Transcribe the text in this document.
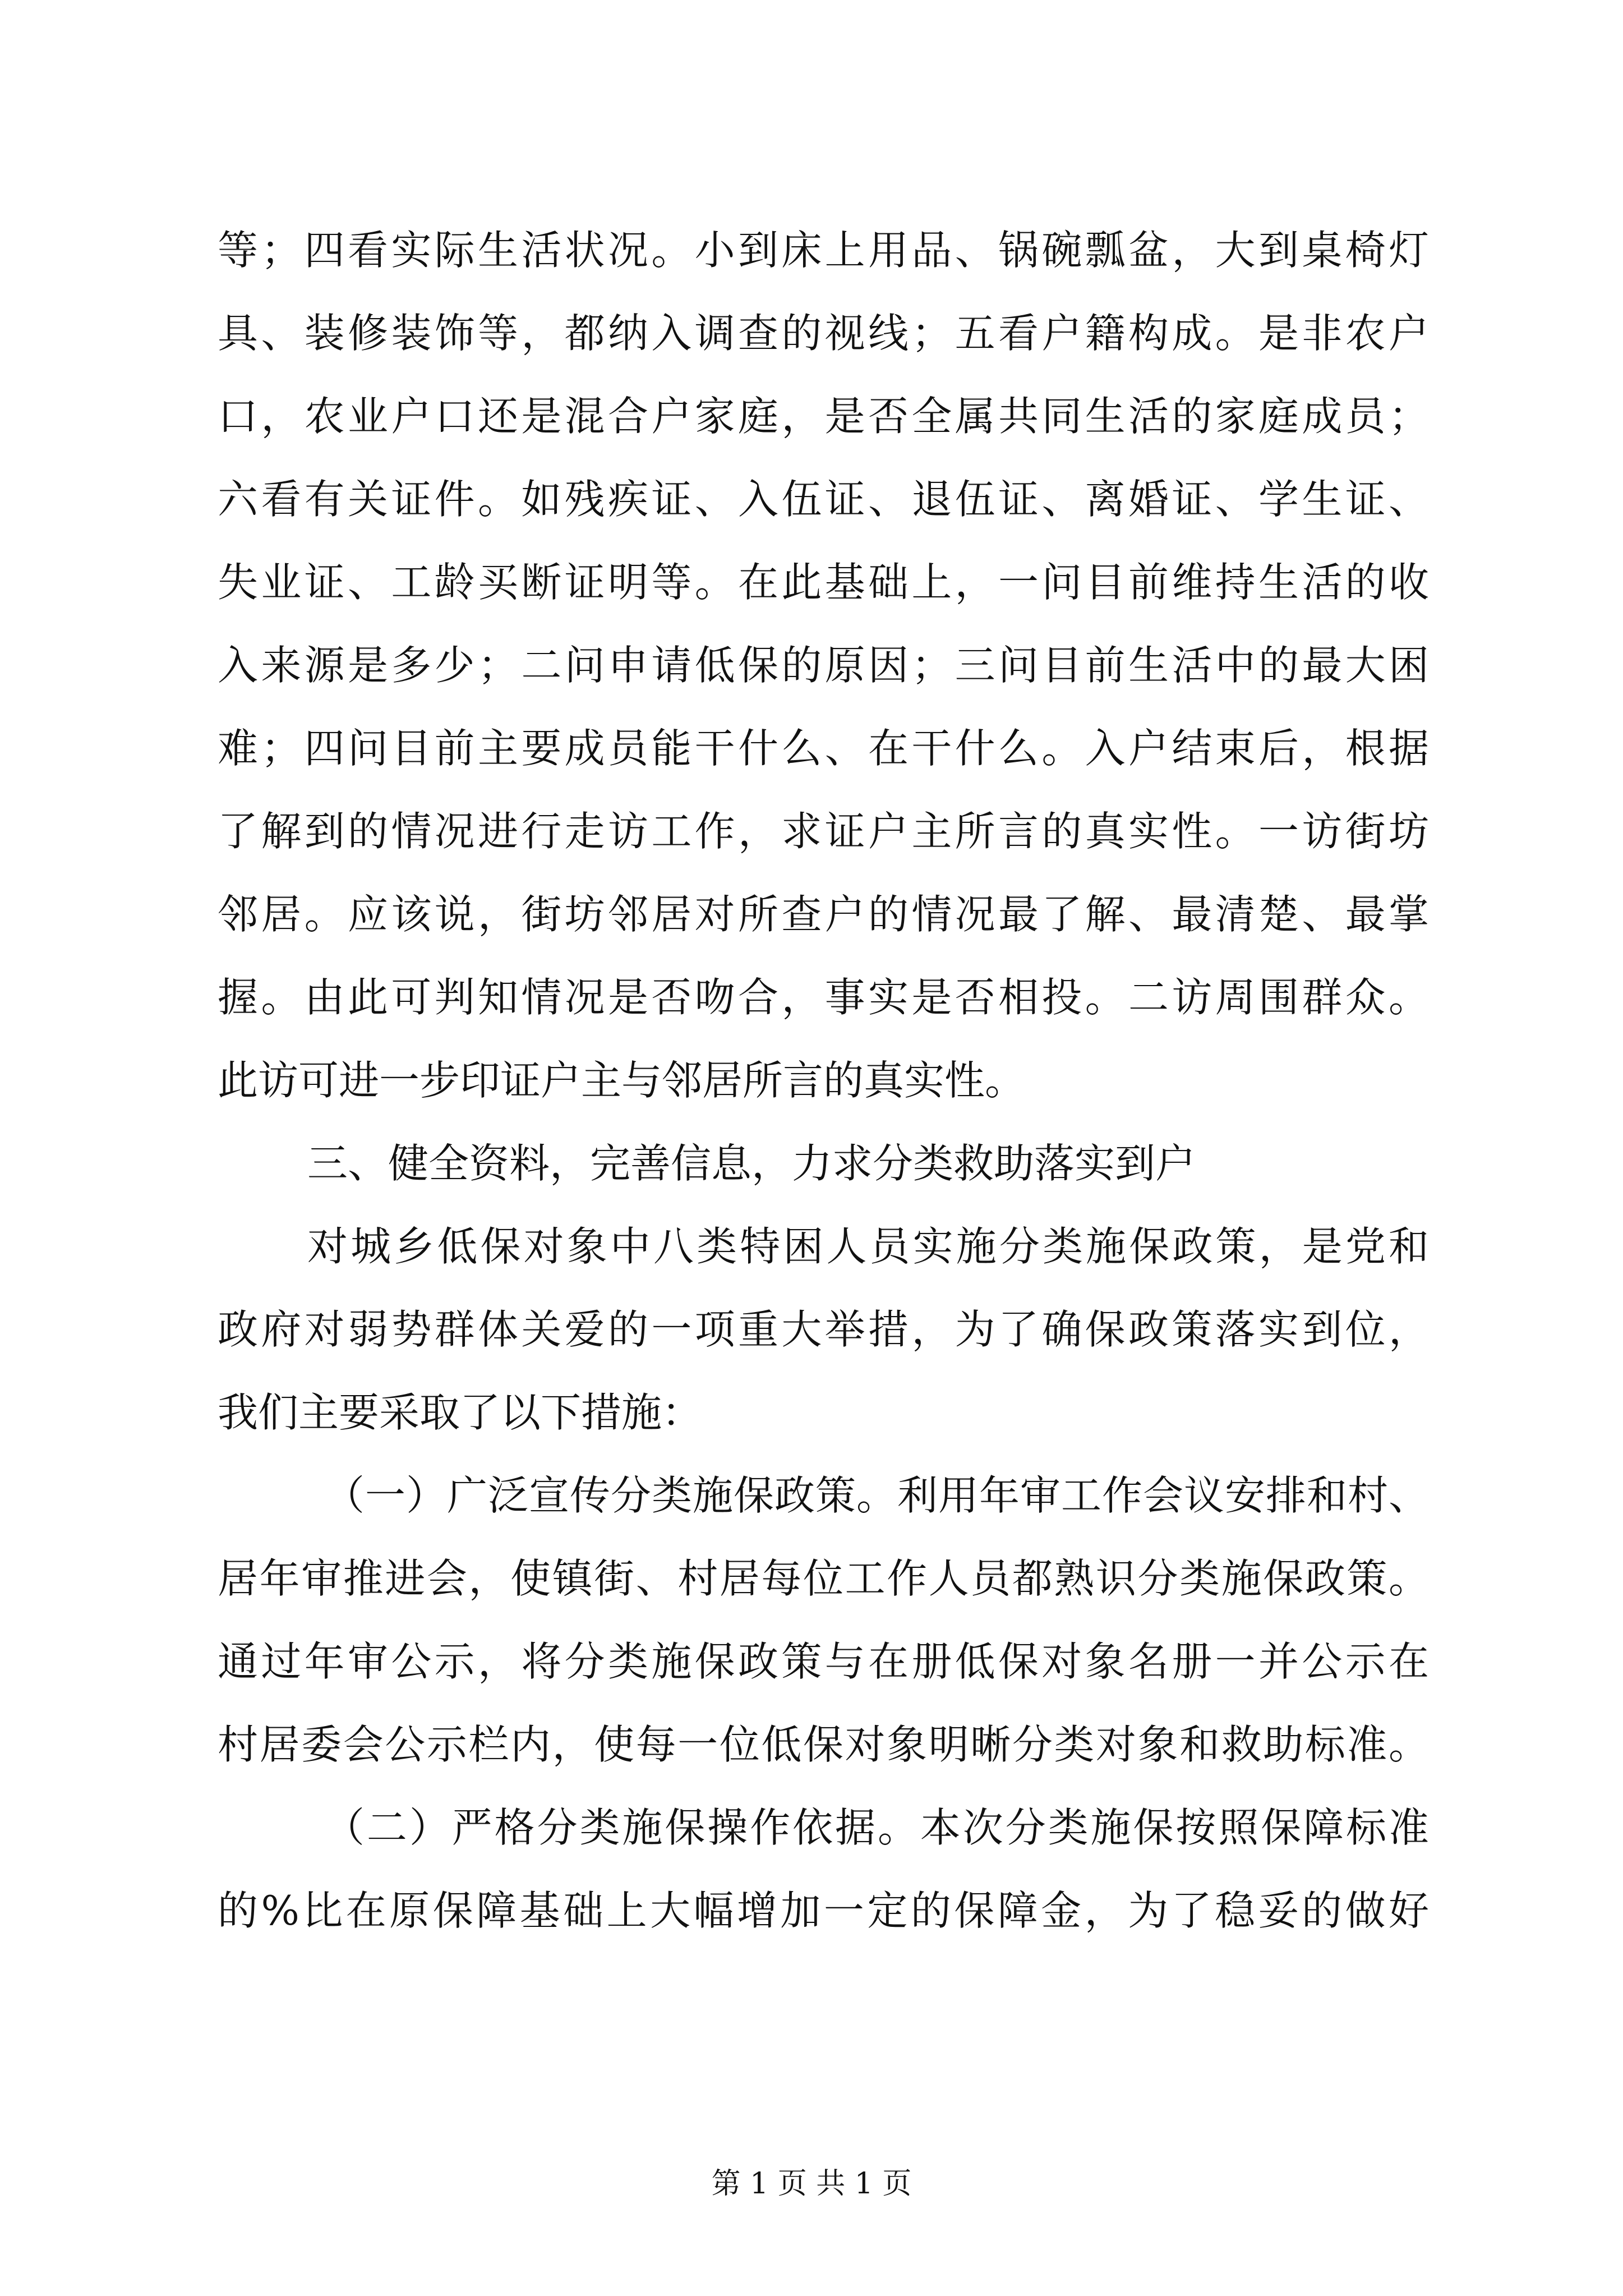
等；四看实际生活状况。小到床上用品、锅碗瓢盆，大到桌椅灯
具、装修装饰等，都纳入调查的视线；五看户籍构成。是非农户
口，农业户口还是混合户家庭，是否全属共同生活的家庭成员；
六看有关证件。如残疾证、入伍证、退伍证、离婚证、学生证、
失业证、工龄买断证明等。在此基础上，一问目前维持生活的收
入来源是多少；二问申请低保的原因；三问目前生活中的最大困
难；四问目前主要成员能干什么、在干什么。入户结束后，根据
了解到的情况进行走访工作，求证户主所言的真实性。一访街坊
邻居。应该说，街坊邻居对所查户的情况最了解、最清楚、最掌
握。由此可判知情况是否吻合，事实是否相投。二访周围群众。
此访可进一步印证户主与邻居所言的真实性。
三、健全资料，完善信息，力求分类救助落实到户
对城乡低保对象中八类特困人员实施分类施保政策，是党和
政府对弱势群体关爱的一项重大举措，为了确保政策落实到位，
我们主要采取了以下措施：
（一）广泛宣传分类施保政策。利用年审工作会议安排和村、
居年审推进会，使镇街、村居每位工作人员都熟识分类施保政策。
通过年审公示，将分类施保政策与在册低保对象名册一并公示在
村居委会公示栏内，使每一位低保对象明晰分类对象和救助标准。
（二）严格分类施保操作依据。本次分类施保按照保障标准
的%比在原保障基础上大幅增加一定的保障金，为了稳妥的做好
第 1 页 共 1 页
